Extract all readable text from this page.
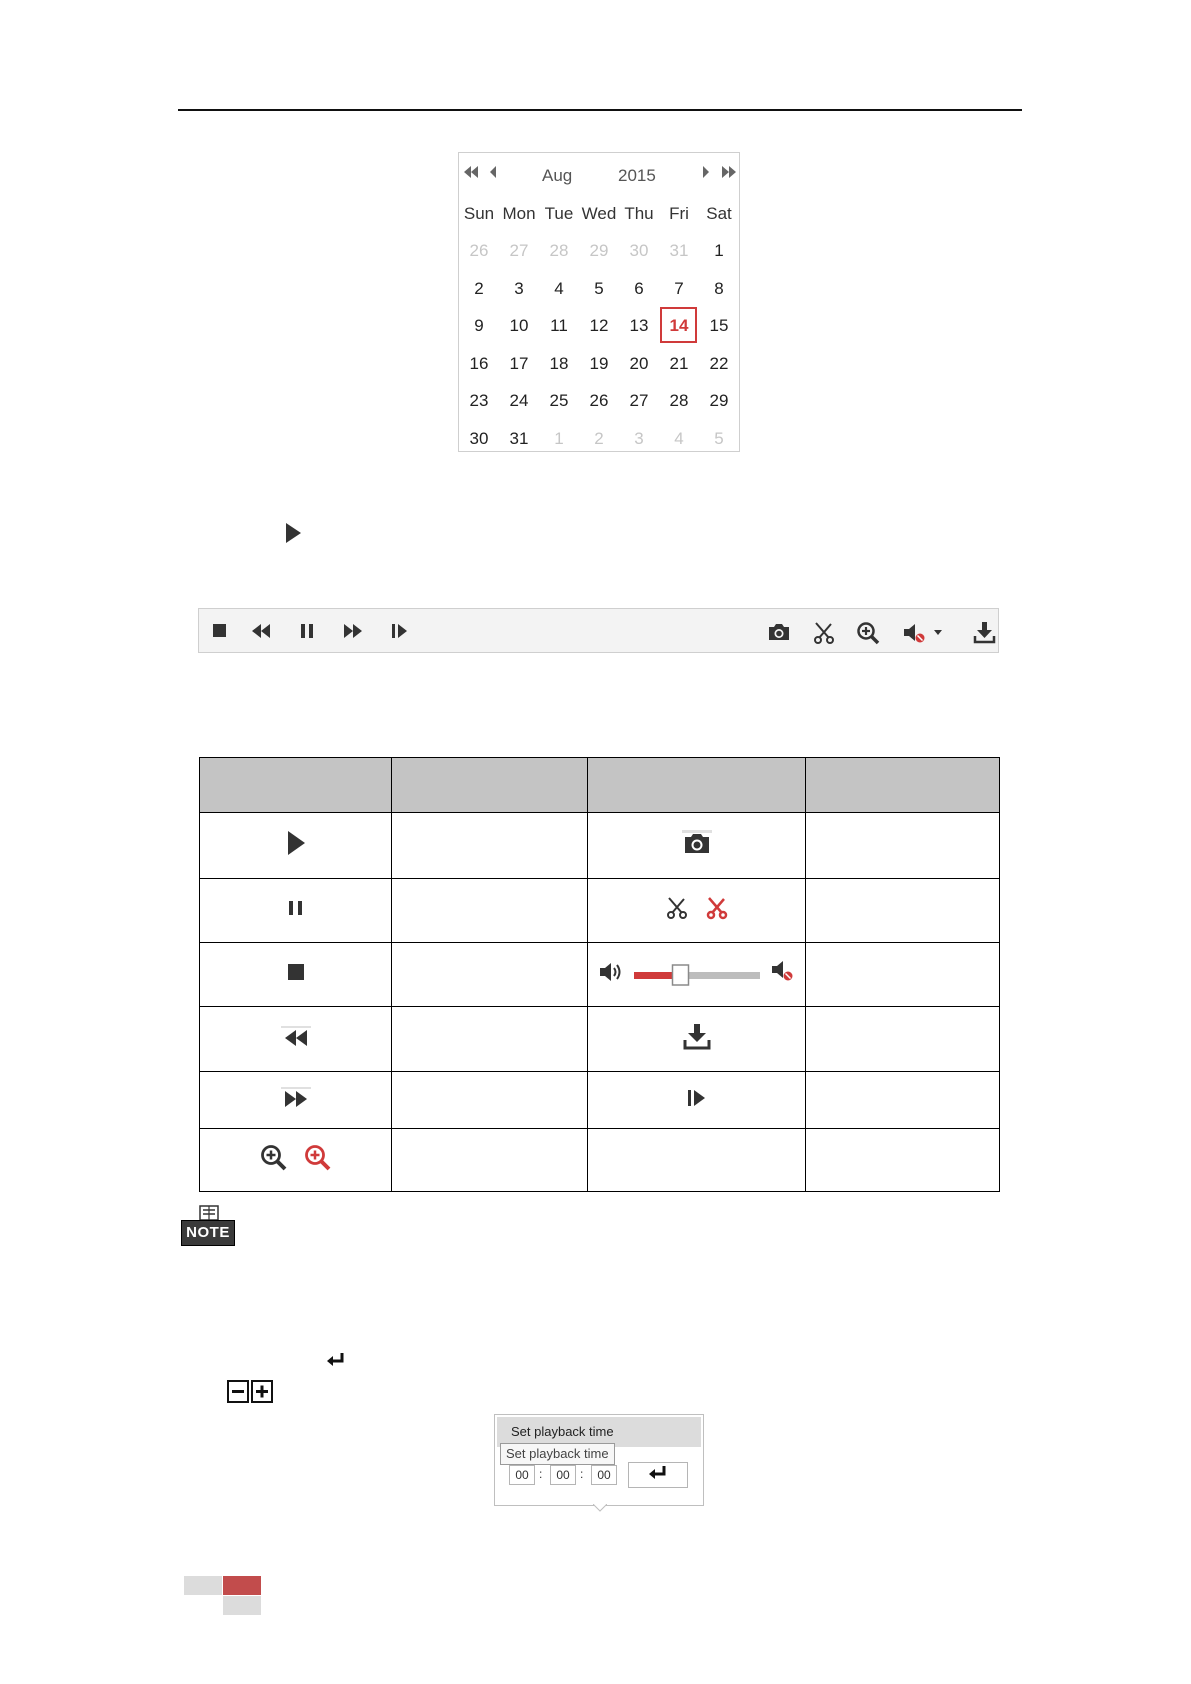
Aug	2015
Sun Mon Tue Wed Thu Fri	Sat
26	27	28	29	30	31	1
2	3	4	5	6	7	8
9	10	11	12	13	14	15
16	17	18	19	20	21	22
23	24	25	26	27	28	29
30	31	1	2	3	4	5

NOTE
Set playback time
00 :	00 :	00
Set playback time
